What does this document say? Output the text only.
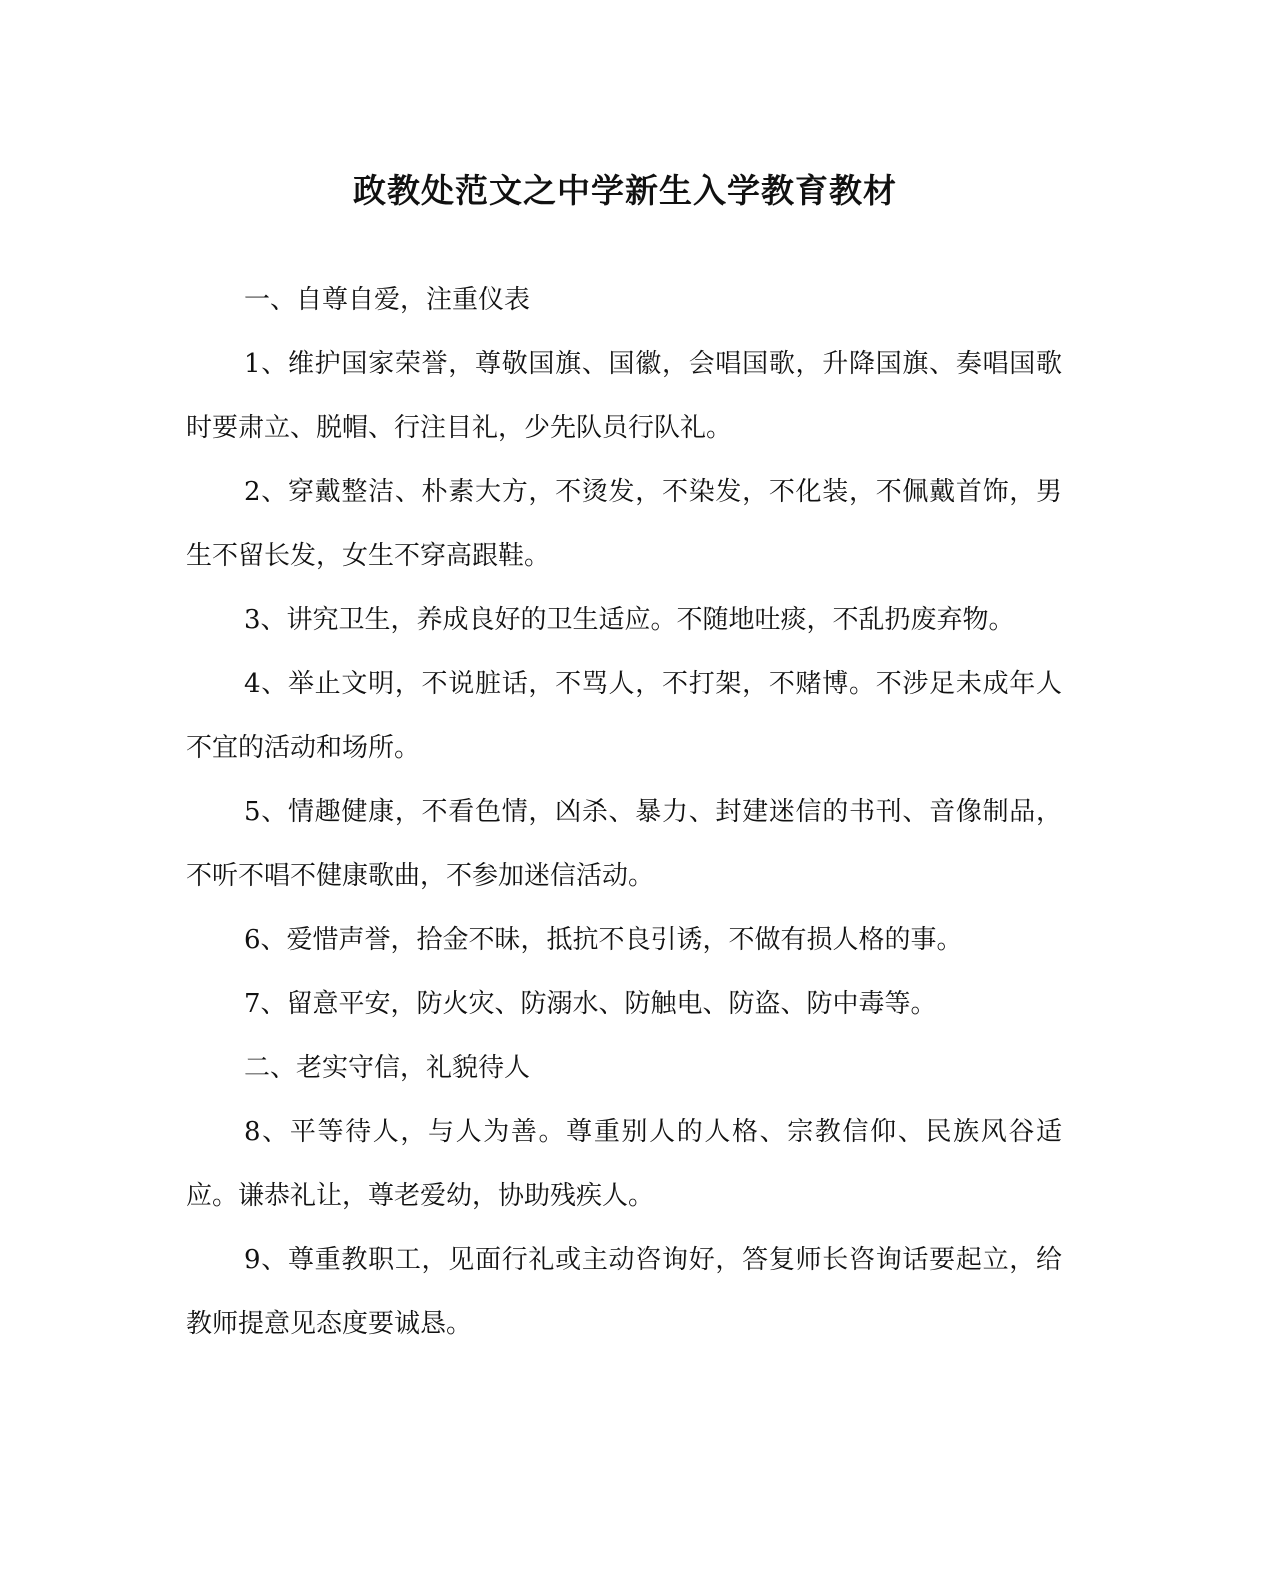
政教处范文之中学新生入学教育教材

一、自尊自爱，注重仪表

1、维护国家荣誉，尊敬国旗、国徽，会唱国歌，升降国旗、奏唱国歌时要肃立、脱帽、行注目礼，少先队员行队礼。

2、穿戴整洁、朴素大方，不烫发，不染发，不化装，不佩戴首饰，男生不留长发，女生不穿高跟鞋。

3、讲究卫生，养成良好的卫生适应。不随地吐痰，不乱扔废弃物。

4、举止文明，不说脏话，不骂人，不打架，不赌博。不涉足未成年人不宜的活动和场所。

5、情趣健康，不看色情，凶杀、暴力、封建迷信的书刊、音像制品，不听不唱不健康歌曲，不参加迷信活动。

6、爱惜声誉，拾金不昧，抵抗不良引诱，不做有损人格的事。

7、留意平安，防火灾、防溺水、防触电、防盗、防中毒等。

二、老实守信，礼貌待人

8、平等待人，与人为善。尊重别人的人格、宗教信仰、民族风谷适应。谦恭礼让，尊老爱幼，协助残疾人。

9、尊重教职工，见面行礼或主动咨询好，答复师长咨询话要起立，给教师提意见态度要诚恳。
